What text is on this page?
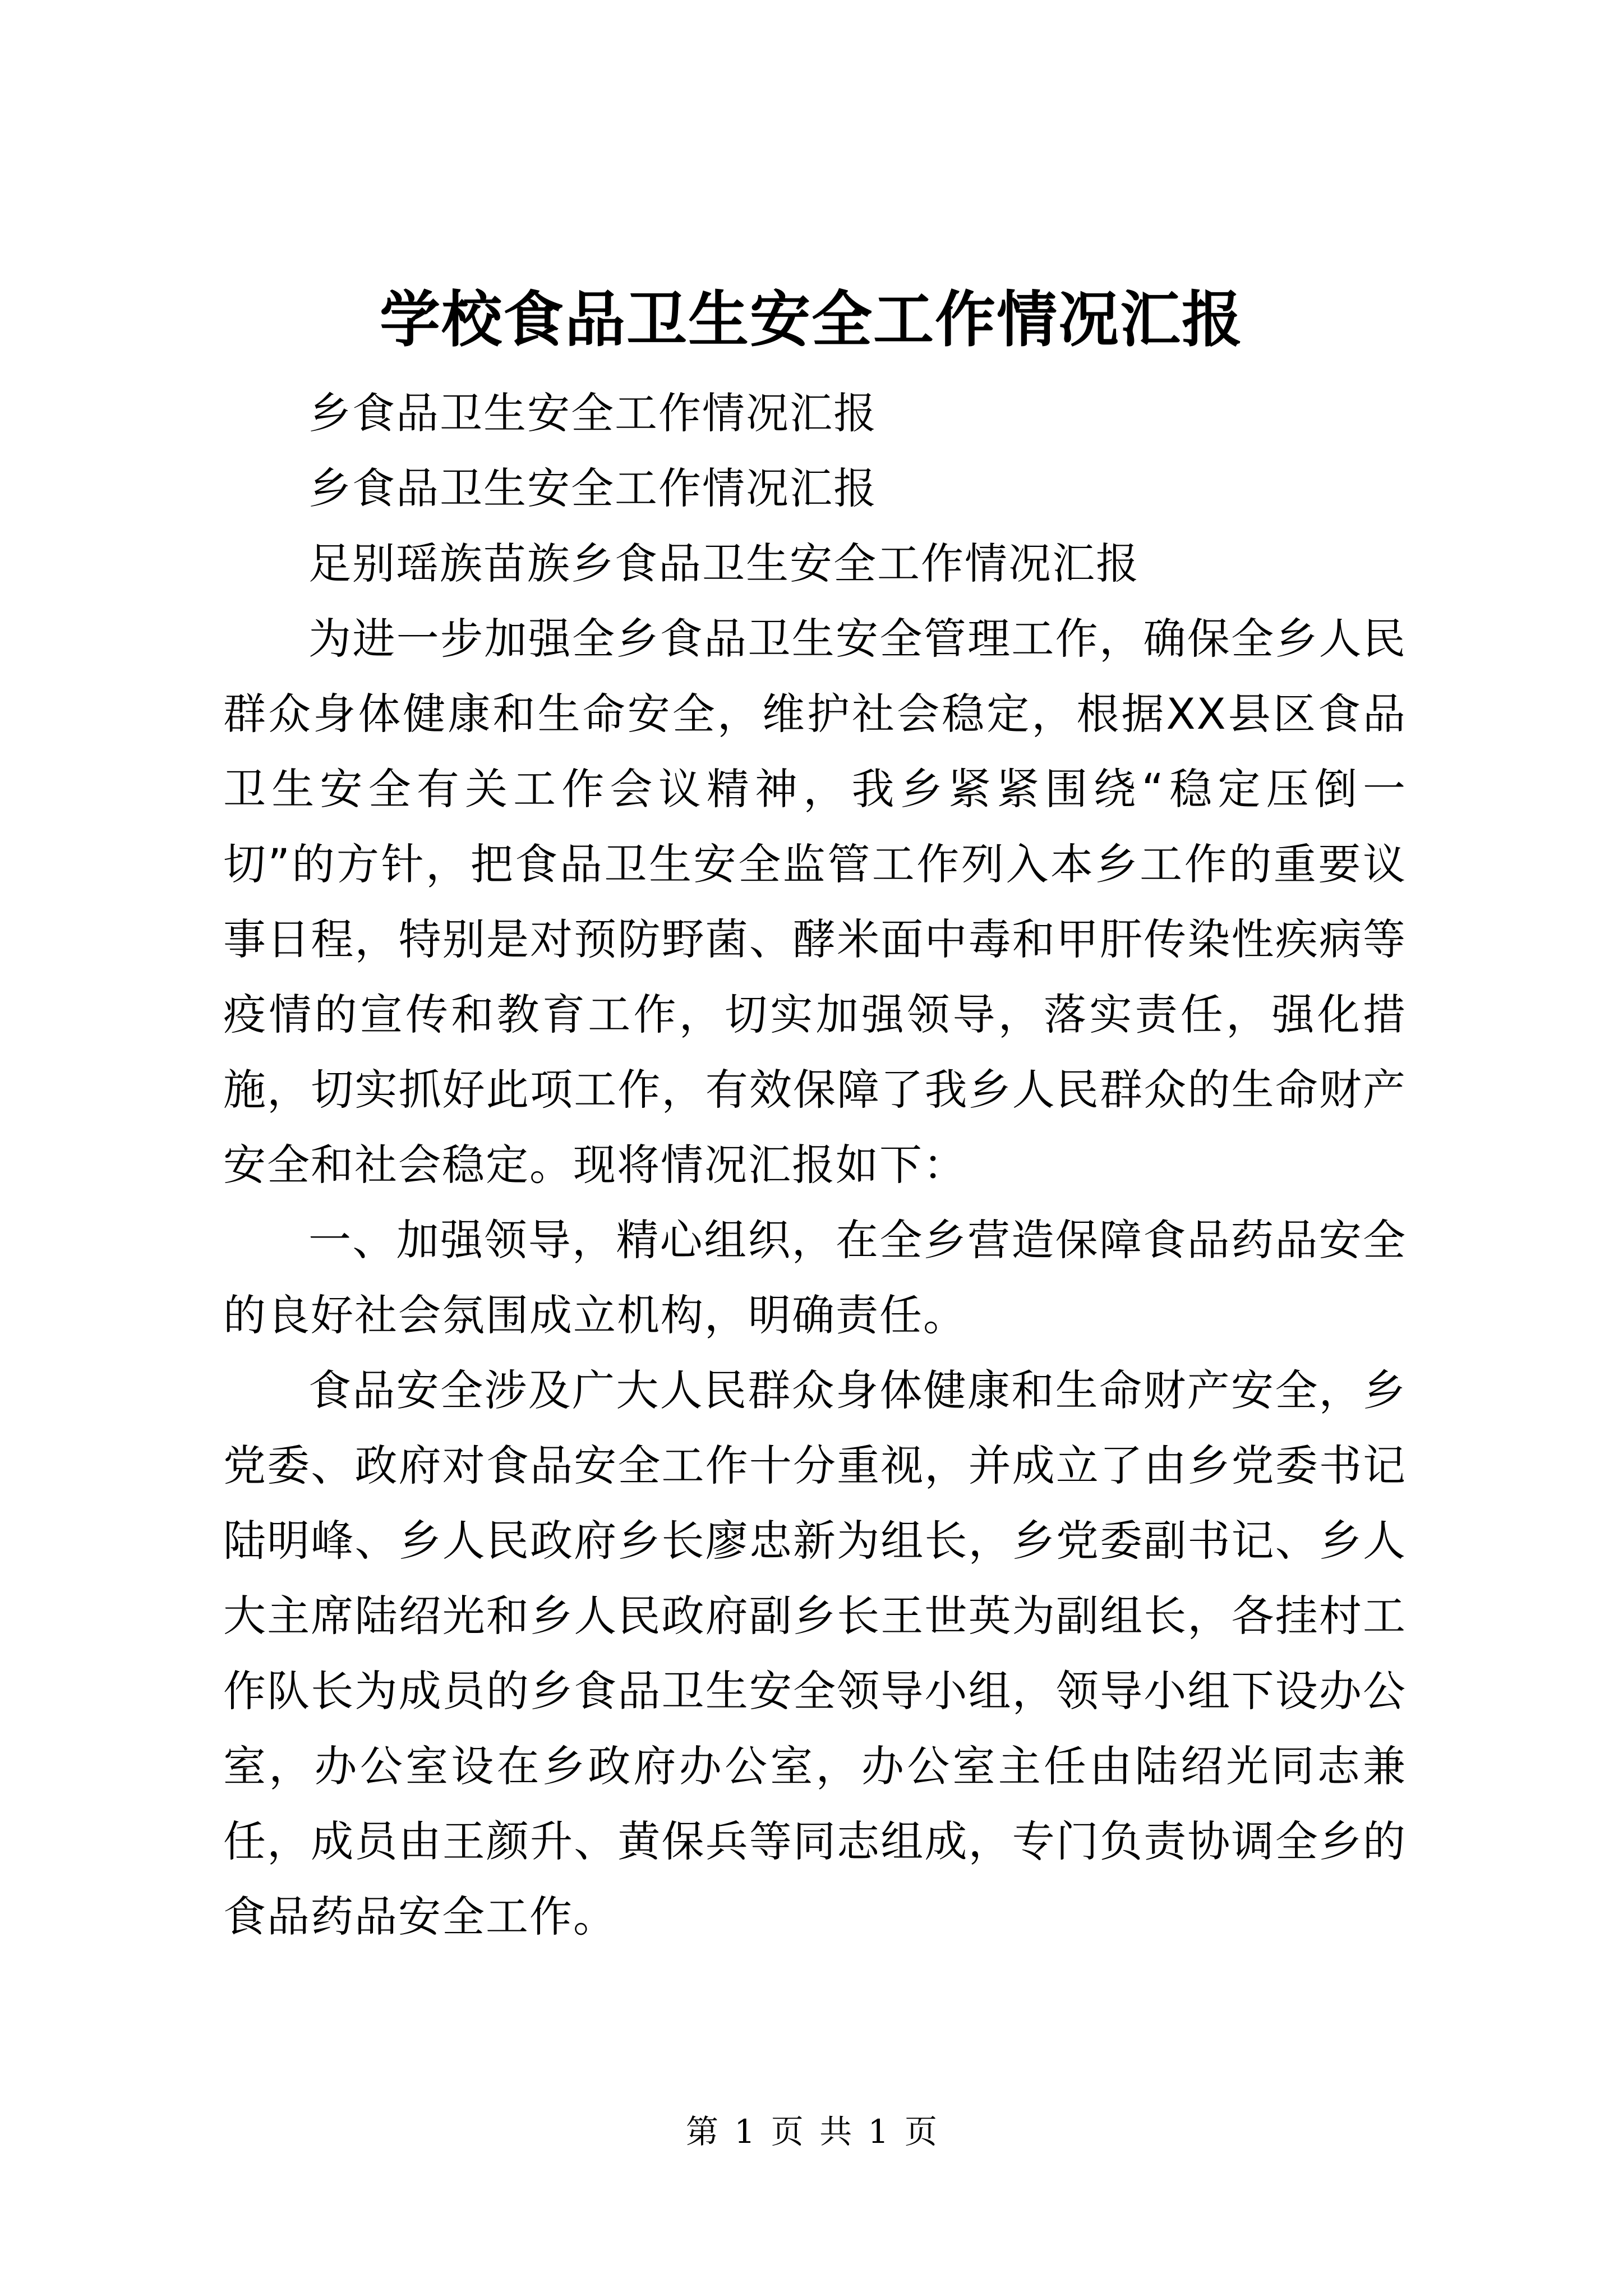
学校食品卫生安全工作情况汇报

乡食品卫生安全工作情况汇报

乡食品卫生安全工作情况汇报

足别瑶族苗族乡食品卫生安全工作情况汇报

为进一步加强全乡食品卫生安全管理工作，确保全乡人民群众身体健康和生命安全，维护社会稳定，根据XX县区食品卫生安全有关工作会议精神，我乡紧紧围绕“稳定压倒一切”的方针，把食品卫生安全监管工作列入本乡工作的重要议事日程，特别是对预防野菌、酵米面中毒和甲肝传染性疾病等疫情的宣传和教育工作，切实加强领导，落实责任，强化措施，切实抓好此项工作，有效保障了我乡人民群众的生命财产安全和社会稳定。现将情况汇报如下：

一、加强领导，精心组织，在全乡营造保障食品药品安全的良好社会氛围成立机构，明确责任。

食品安全涉及广大人民群众身体健康和生命财产安全，乡党委、政府对食品安全工作十分重视，并成立了由乡党委书记陆明峰、乡人民政府乡长廖忠新为组长，乡党委副书记、乡人大主席陆绍光和乡人民政府副乡长王世英为副组长，各挂村工作队长为成员的乡食品卫生安全领导小组，领导小组下设办公室，办公室设在乡政府办公室，办公室主任由陆绍光同志兼任，成员由王颜升、黄保兵等同志组成，专门负责协调全乡的食品药品安全工作。

第 1 页 共 1 页
